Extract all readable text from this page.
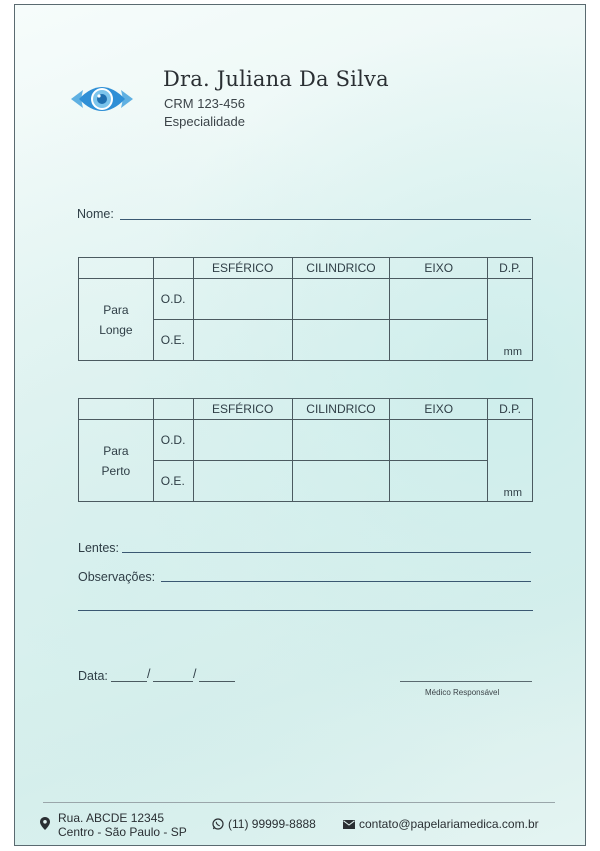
Dra. Juliana Da Silva
CRM 123-456
Especialidade
Nome:
		ESFÉRICO	CILINDRICO	EIXO	D.P.

Para
Longe	O.D.				mm
	O.E.				
		ESFÉRICO	CILINDRICO	EIXO	D.P.

Para
Perto	O.D.				mm
	O.E.				
Lentes:
Observações:
Data:	/	/
Médico Responsável
Rua. ABCDE 12345
Centro - São Paulo - SP
(11) 99999-8888	contato@papelariamedica.com.br
